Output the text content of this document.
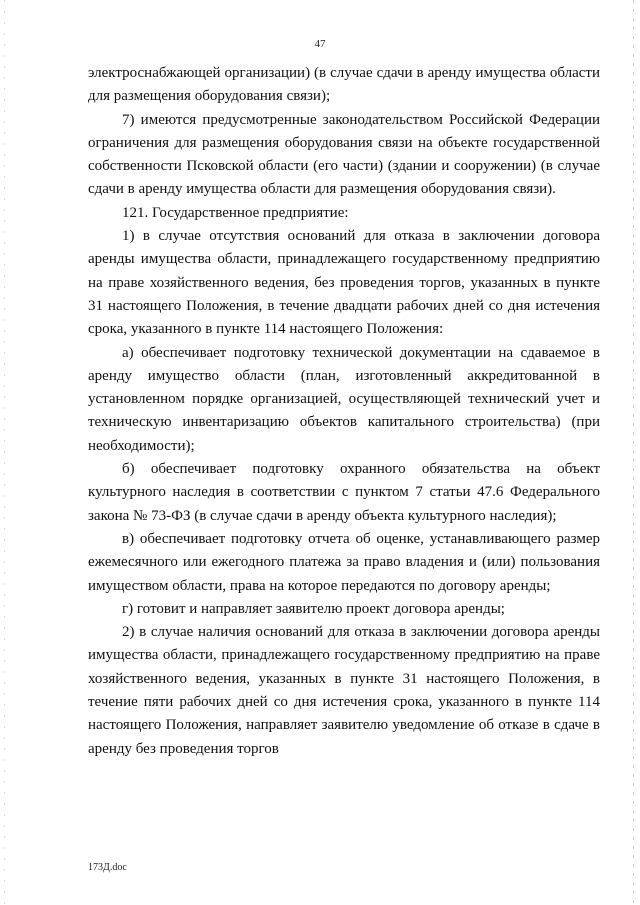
47

электроснабжающей организации) (в случае сдачи в аренду имущества области для размещения оборудования связи);

7) имеются предусмотренные законодательством Российской Федерации ограничения для размещения оборудования связи на объекте государственной собственности Псковской области (его части) (здании и сооружении) (в случае сдачи в аренду имущества области для размещения оборудования связи).

121. Государственное предприятие:

1) в случае отсутствия оснований для отказа в заключении договора аренды имущества области, принадлежащего государственному предприятию на праве хозяйственного ведения, без проведения торгов, указанных в пункте 31 настоящего Положения, в течение двадцати рабочих дней со дня истечения срока, указанного в пункте 114 настоящего Положения:

а) обеспечивает подготовку технической документации на сдаваемое в аренду имущество области (план, изготовленный аккредитованной в установленном порядке организацией, осуществляющей технический учет и техническую инвентаризацию объектов капитального строительства) (при необходимости);

б) обеспечивает подготовку охранного обязательства на объект культурного наследия в соответствии с пунктом 7 статьи 47.6 Федерального закона № 73-ФЗ (в случае сдачи в аренду объекта культурного наследия);

в) обеспечивает подготовку отчета об оценке, устанавливающего размер ежемесячного или ежегодного платежа за право владения и (или) пользования имуществом области, права на которое передаются по договору аренды;

г) готовит и направляет заявителю проект договора аренды;

2) в случае наличия оснований для отказа в заключении договора аренды имущества области, принадлежащего государственному предприятию на праве хозяйственного ведения, указанных в пункте 31 настоящего Положения, в течение пяти рабочих дней со дня истечения срока, указанного в пункте 114 настоящего Положения, направляет заявителю уведомление об отказе в сдаче в аренду без проведения торгов

173Д.doc
